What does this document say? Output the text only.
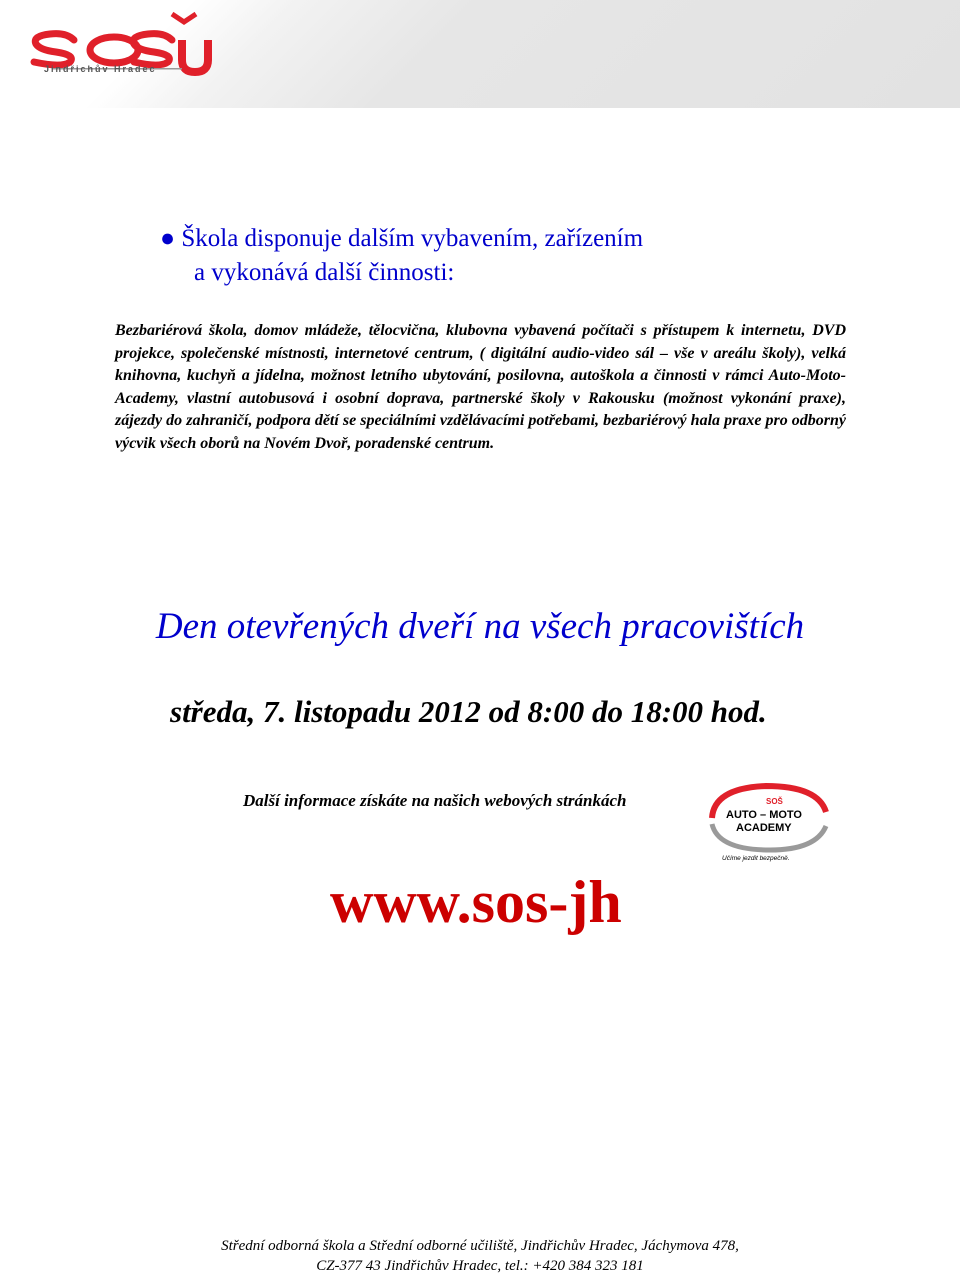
Jindřichův Hradec
● Škola disponuje dalším vybavením, zařízením
a vykonává další činnosti:
Bezbariérová škola, domov mládeže, tělocvična, klubovna vybavená počítači s přístupem k internetu, DVD projekce, společenské místnosti, internetové centrum, ( digitální audio-video sál – vše v areálu školy), velká knihovna, kuchyň a jídelna, možnost letního ubytování, posilovna, autoškola a činnosti v rámci Auto-Moto-Academy, vlastní autobusová i osobní doprava, partnerské školy v Rakousku (možnost vykonání praxe), zájezdy do zahraničí, podpora dětí se speciálními vzdělávacími potřebami, bezbariérový hala praxe pro odborný výcvik všech oborů na Novém Dvoř, poradenské centrum.
Den otevřených dveří na všech pracovištích
středa, 7. listopadu 2012 od 8:00 do 18:00 hod.
Další informace získáte na našich webových stránkách	SOŠ
AUTO – MOTO
ACADEMY
Učíme jezdit bezpečně.
www.sos-jh
Střední odborná škola a Střední odborné učiliště, Jindřichův Hradec, Jáchymova 478,
CZ-377 43 Jindřichův Hradec, tel.: +420 384 323 181
